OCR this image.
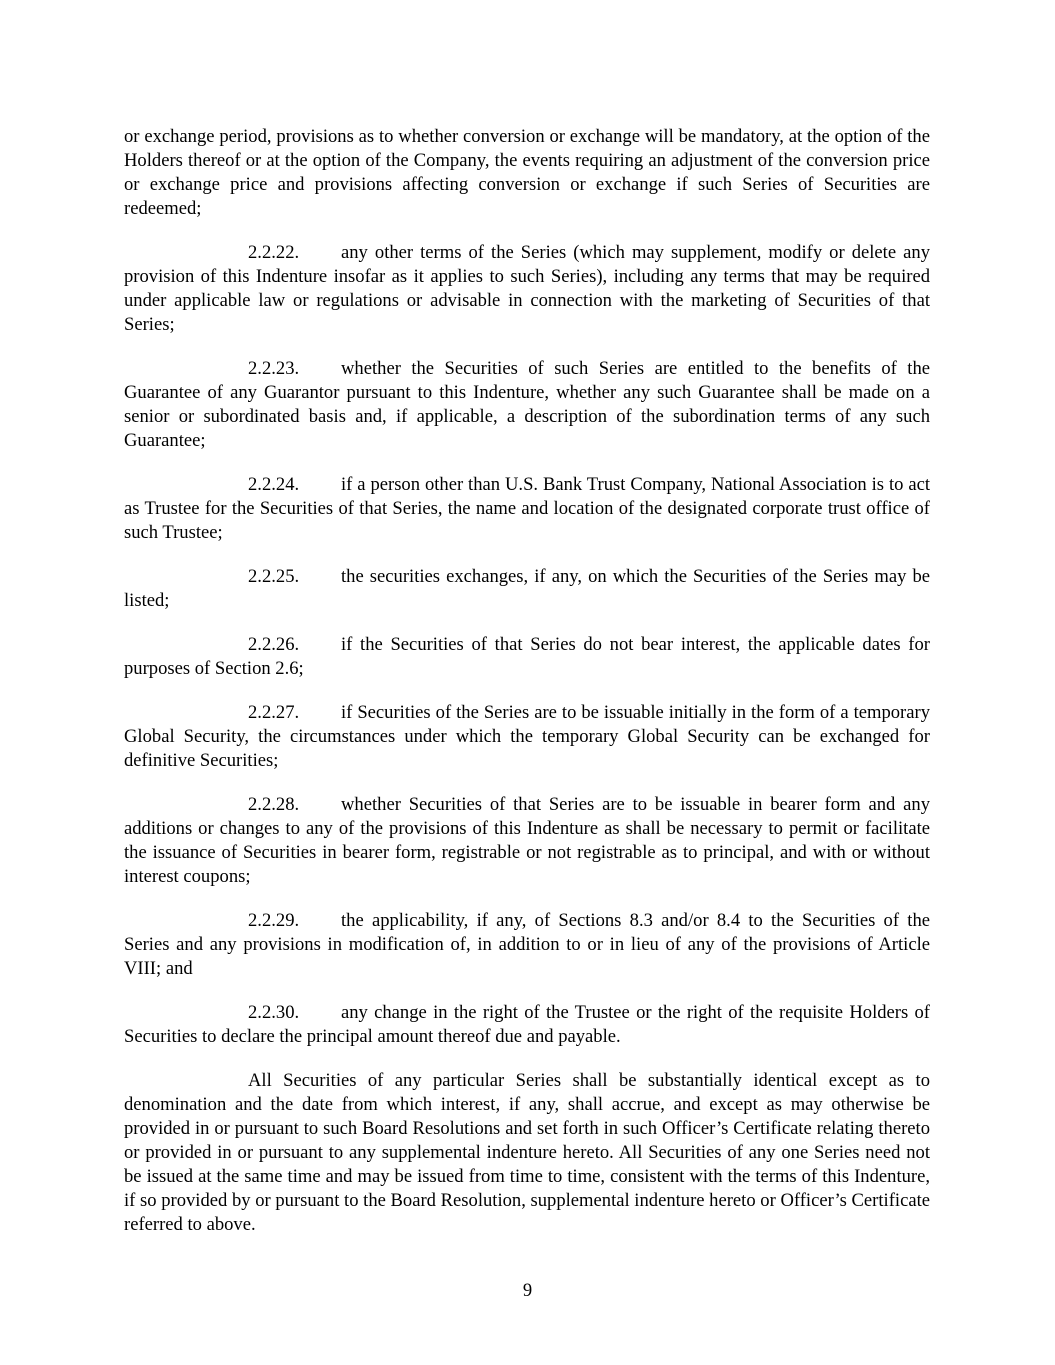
or exchange period, provisions as to whether conversion or exchange will be mandatory, at the option of the Holders thereof or at the option of the Company, the events requiring an adjustment of the conversion price or exchange price and provisions affecting conversion or exchange if such Series of Securities are redeemed;

2.2.22. any other terms of the Series (which may supplement, modify or delete any provision of this Indenture insofar as it applies to such Series), including any terms that may be required under applicable law or regulations or advisable in connection with the marketing of Securities of that Series;

2.2.23. whether the Securities of such Series are entitled to the benefits of the Guarantee of any Guarantor pursuant to this Indenture, whether any such Guarantee shall be made on a senior or subordinated basis and, if applicable, a description of the subordination terms of any such Guarantee;

2.2.24. if a person other than U.S. Bank Trust Company, National Association is to act as Trustee for the Securities of that Series, the name and location of the designated corporate trust office of such Trustee;

2.2.25. the securities exchanges, if any, on which the Securities of the Series may be listed;

2.2.26. if the Securities of that Series do not bear interest, the applicable dates for purposes of Section 2.6;

2.2.27. if Securities of the Series are to be issuable initially in the form of a temporary Global Security, the circumstances under which the temporary Global Security can be exchanged for definitive Securities;

2.2.28. whether Securities of that Series are to be issuable in bearer form and any additions or changes to any of the provisions of this Indenture as shall be necessary to permit or facilitate the issuance of Securities in bearer form, registrable or not registrable as to principal, and with or without interest coupons;

2.2.29. the applicability, if any, of Sections 8.3 and/or 8.4 to the Securities of the Series and any provisions in modification of, in addition to or in lieu of any of the provisions of Article VIII; and

2.2.30. any change in the right of the Trustee or the right of the requisite Holders of Securities to declare the principal amount thereof due and payable.

All Securities of any particular Series shall be substantially identical except as to denomination and the date from which interest, if any, shall accrue, and except as may otherwise be provided in or pursuant to such Board Resolutions and set forth in such Officer’s Certificate relating thereto or provided in or pursuant to any supplemental indenture hereto. All Securities of any one Series need not be issued at the same time and may be issued from time to time, consistent with the terms of this Indenture, if so provided by or pursuant to the Board Resolution, supplemental indenture hereto or Officer’s Certificate referred to above.

9
